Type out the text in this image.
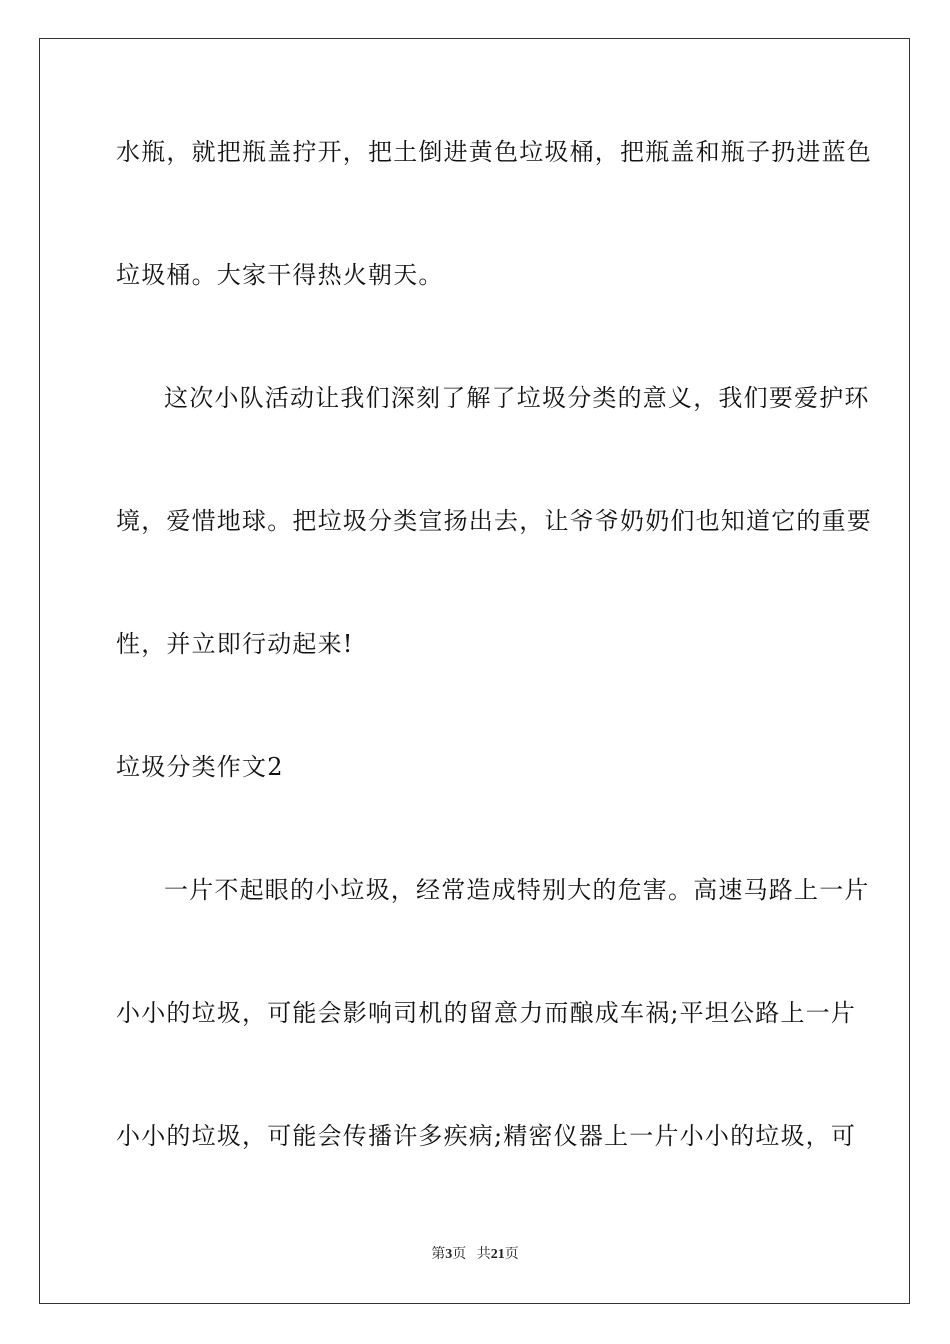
水瓶，就把瓶盖拧开，把土倒进黄色垃圾桶，把瓶盖和瓶子扔进蓝色
垃圾桶。大家干得热火朝天。
这次小队活动让我们深刻了解了垃圾分类的意义，我们要爱护环
境，爱惜地球。把垃圾分类宣扬出去，让爷爷奶奶们也知道它的重要
性，并立即行动起来!
垃圾分类作文2
一片不起眼的小垃圾，经常造成特别大的危害。高速马路上一片
小小的垃圾，可能会影响司机的留意力而酿成车祸;平坦公路上一片
小小的垃圾，可能会传播许多疾病;精密仪器上一片小小的垃圾，可
第3页 共21页
